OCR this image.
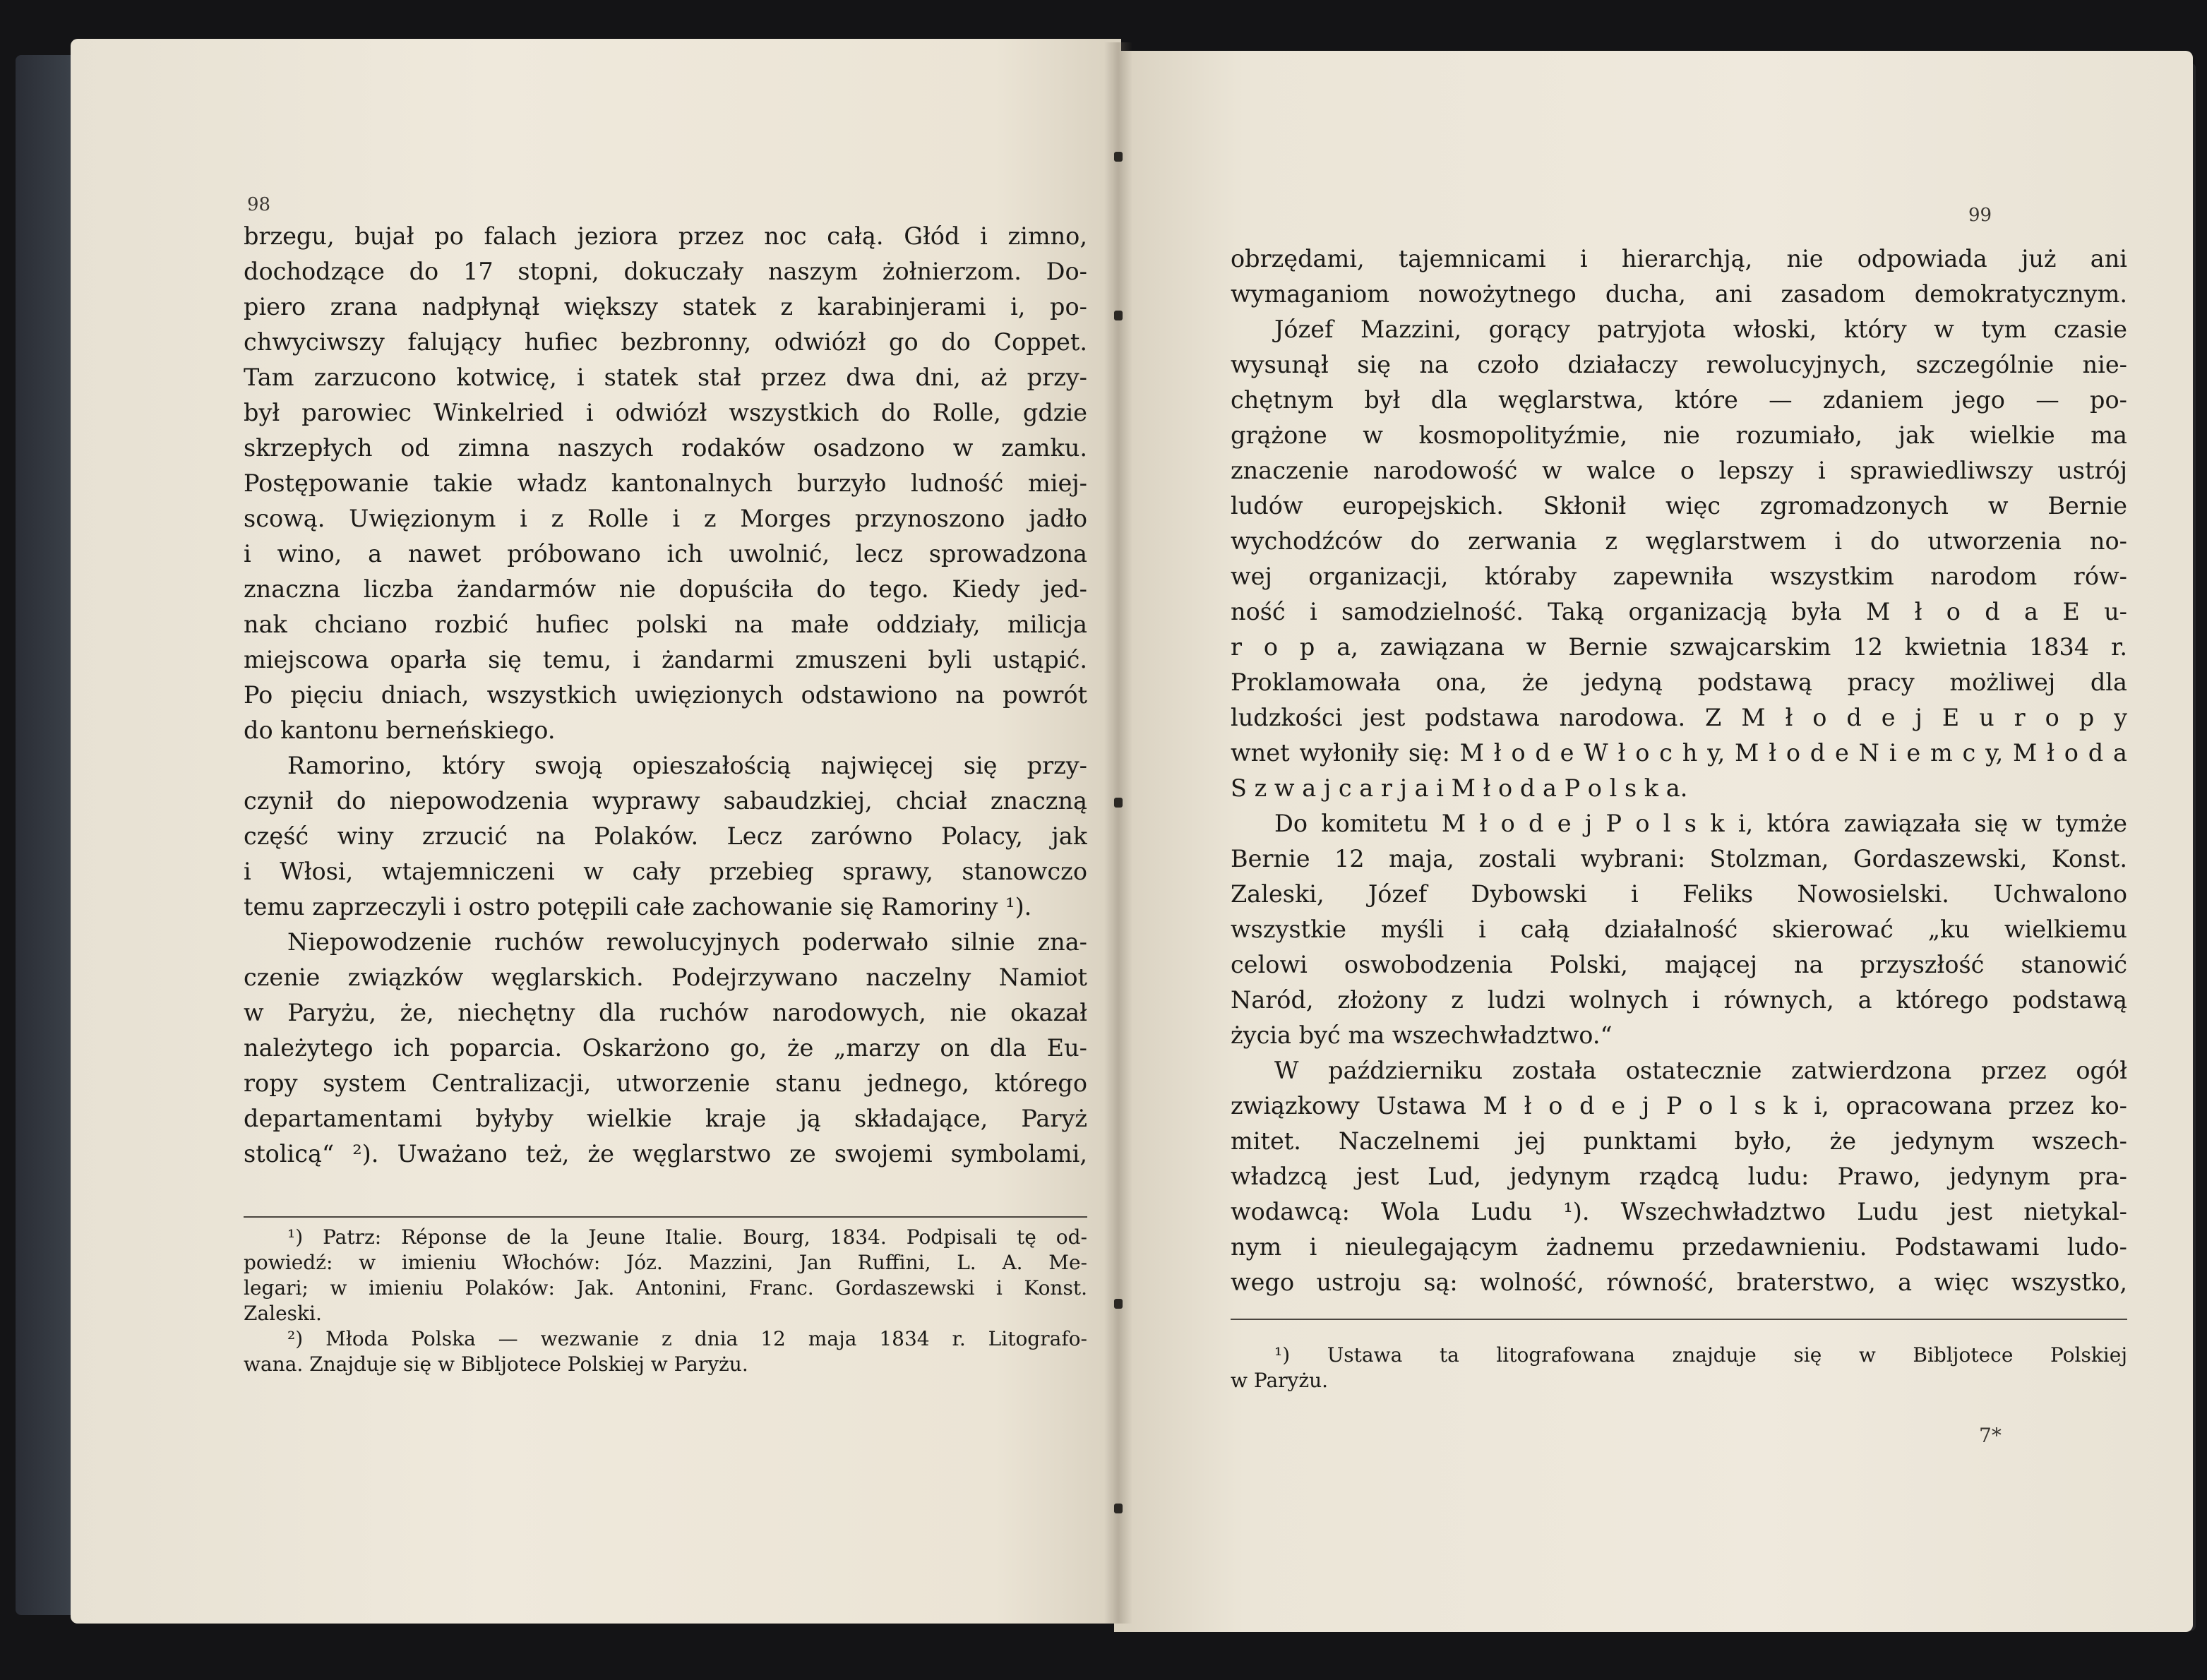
98
brzegu, bujał po falach jeziora przez noc całą. Głód i zimno,
dochodzące do 17 stopni, dokuczały naszym żołnierzom. Do-
piero zrana nadpłynął większy statek z karabinjerami i, po-
chwyciwszy falujący hufiec bezbronny, odwiózł go do Coppet.
Tam zarzucono kotwicę, i statek stał przez dwa dni, aż przy-
był parowiec Winkelried i odwiózł wszystkich do Rolle, gdzie
skrzepłych od zimna naszych rodaków osadzono w zamku.
Postępowanie takie władz kantonalnych burzyło ludność miej-
scową. Uwięzionym i z Rolle i z Morges przynoszono jadło
i wino, a nawet próbowano ich uwolnić, lecz sprowadzona
znaczna liczba żandarmów nie dopuściła do tego. Kiedy jed-
nak chciano rozbić hufiec polski na małe oddziały, milicja
miejscowa oparła się temu, i żandarmi zmuszeni byli ustąpić.
Po pięciu dniach, wszystkich uwięzionych odstawiono na powrót
do kantonu berneńskiego.
Ramorino, który swoją opieszałością najwięcej się przy-
czynił do niepowodzenia wyprawy sabaudzkiej, chciał znaczną
część winy zrzucić na Polaków. Lecz zarówno Polacy, jak
i Włosi, wtajemniczeni w cały przebieg sprawy, stanowczo
temu zaprzeczyli i ostro potępili całe zachowanie się Ramoriny ¹).
Niepowodzenie ruchów rewolucyjnych poderwało silnie zna-
czenie związków węglarskich. Podejrzywano naczelny Namiot
w Paryżu, że, niechętny dla ruchów narodowych, nie okazał
należytego ich poparcia. Oskarżono go, że „marzy on dla Eu-
ropy system Centralizacji, utworzenie stanu jednego, którego
departamentami byłyby wielkie kraje ją składające, Paryż
stolicą“ ²). Uważano też, że węglarstwo ze swojemi symbolami,
¹) Patrz: Réponse de la Jeune Italie. Bourg, 1834. Podpisali tę od-
powiedź: w imieniu Włochów: Józ. Mazzini, Jan Ruffini, L. A. Me-
legari; w imieniu Polaków: Jak. Antonini, Franc. Gordaszewski i Konst.
Zaleski.
²) Młoda Polska — wezwanie z dnia 12 maja 1834 r. Litografo-
wana. Znajduje się w Bibljotece Polskiej w Paryżu.
99
obrzędami, tajemnicami i hierarchją, nie odpowiada już ani
wymaganiom nowożytnego ducha, ani zasadom demokratycznym.
Józef Mazzini, gorący patryjota włoski, który w tym czasie
wysunął się na czoło działaczy rewolucyjnych, szczególnie nie-
chętnym był dla węglarstwa, które — zdaniem jego — po-
grążone w kosmopolityźmie, nie rozumiało, jak wielkie ma
znaczenie narodowość w walce o lepszy i sprawiedliwszy ustrój
ludów europejskich. Skłonił więc zgromadzonych w Bernie
wychodźców do zerwania z węglarstwem i do utworzenia no-
wej organizacji, któraby zapewniła wszystkim narodom rów-
ność i samodzielność. Taką organizacją była M ł o d a E u-
r o p a, zawiązana w Bernie szwajcarskim 12 kwietnia 1834 r.
Proklamowała ona, że jedyną podstawą pracy możliwej dla
ludzkości jest podstawa narodowa. Z M ł o d e j E u r o p y
wnet wyłoniły się: M ł o d e W ł o c h y, M ł o d e N i e m c y, M ł o d a
S z w a j c a r j a i M ł o d a P o l s k a.
Do komitetu M ł o d e j P o l s k i, która zawiązała się w tymże
Bernie 12 maja, zostali wybrani: Stolzman, Gordaszewski, Konst.
Zaleski, Józef Dybowski i Feliks Nowosielski. Uchwalono
wszystkie myśli i całą działalność skierować „ku wielkiemu
celowi oswobodzenia Polski, mającej na przyszłość stanowić
Naród, złożony z ludzi wolnych i równych, a którego podstawą
życia być ma wszechwładztwo.“
W październiku została ostatecznie zatwierdzona przez ogół
związkowy Ustawa M ł o d e j P o l s k i, opracowana przez ko-
mitet. Naczelnemi jej punktami było, że jedynym wszech-
władzcą jest Lud, jedynym rządcą ludu: Prawo, jedynym pra-
wodawcą: Wola Ludu ¹). Wszechwładztwo Ludu jest nietykal-
nym i nieulegającym żadnemu przedawnieniu. Podstawami ludo-
wego ustroju są: wolność, równość, braterstwo, a więc wszystko,
¹) Ustawa ta litografowana znajduje się w Bibljotece Polskiej
w Paryżu.
7*
